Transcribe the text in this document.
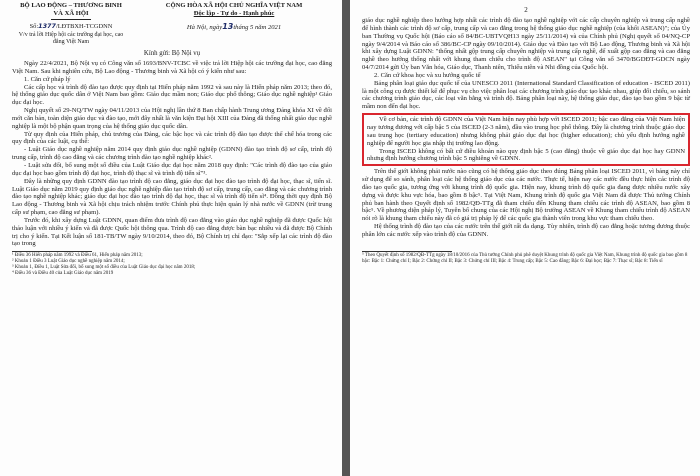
BỘ LAO ĐỘNG – THƯƠNG BINH
VÀ XÃ HỘI
Số:1377/LĐTBXH-TCGDNN
V/v trả lời Hiệp hội các trường đại học, cao
đẳng Việt Nam
CỘNG HÒA XÃ HỘI CHỦ NGHĨA VIỆT NAM
Độc lập - Tự do - Hạnh phúc
Hà Nội, ngày13tháng 5 năm 2021
Kính gửi: Bộ Nội vụ

Ngày 22/4/2021, Bộ Nội vụ có Công văn số 1693/BNV-TCBC về việc trả lời Hiệp hội các trường đại học, cao đẳng Việt Nam. Sau khi nghiên cứu, Bộ Lao động - Thương binh và Xã hội có ý kiến như sau:

1. Căn cứ pháp lý

Các cấp học và trình độ đào tạo được quy định tại Hiến pháp năm 1992 và sau này là Hiến pháp năm 2013; theo đó, hệ thống giáo dục quốc dân ở Việt Nam bao gồm: Giáo dục mầm non; Giáo dục phổ thông; Giáo dục nghề nghiệp¹ Giáo dục đại học.

Nghị quyết số 29-NQ/TW ngày 04/11/2013 của Hội nghị lần thứ 8 Ban chấp hành Trung ương Đảng khóa XI về đổi mới căn bản, toàn diện giáo dục và đào tạo, mới đây nhất là văn kiện Đại hội XIII của Đảng đã thống nhất giáo dục nghề nghiệp là một bộ phận quan trọng của hệ thống giáo dục quốc dân.

Từ quy định của Hiến pháp, chủ trương của Đảng, các bậc học và các trình độ đào tạo được thể chế hóa trong các quy định của các luật, cụ thể:

- Luật Giáo dục nghề nghiệp năm 2014 quy định giáo dục nghề nghiệp (GDNN) đào tạo trình độ sơ cấp, trình độ trung cấp, trình độ cao đẳng và các chương trình đào tạo nghề nghiệp khác².

- Luật sửa đổi, bổ sung một số điều của Luật Giáo dục đại học năm 2018 quy định: "Các trình độ đào tạo của giáo dục đại học bao gồm trình độ đại học, trình độ thạc sĩ và trình độ tiến sĩ"³.

Đây là những quy định GDNN đào tạo trình độ cao đẳng, giáo dục đại học đào tạo trình độ đại học, thạc sĩ, tiến sĩ. Luật Giáo dục năm 2019 quy định giáo dục nghề nghiệp đào tạo trình độ sơ cấp, trung cấp, cao đẳng và các chương trình đào tạo nghề nghiệp khác; giáo dục đại học đào tạo trình độ đại học, thạc sĩ và trình độ tiến sĩ⁴. Đồng thời quy định Bộ Lao động - Thương binh và Xã hội chịu trách nhiệm trước Chính phủ thực hiện quản lý nhà nước về GDNN (trừ trung cấp sư phạm, cao đẳng sư phạm).

Trước đó, khi xây dựng Luật GDNN, quan điểm đưa trình độ cao đẳng vào giáo dục nghề nghiệp đã được Quốc hội thảo luận với nhiều ý kiến và đã được Quốc hội thông qua. Trình độ cao đẳng được bàn bạc nhiều và đã được Bộ Chính trị cho ý kiến. Tại Kết luận số 181-TB/TW ngày 9/10/2014, theo đó, Bộ Chính trị chỉ đạo: "Sắp xếp lại các trình độ đào tạo trong

¹ Điều 36 Hiến pháp năm 1992 và Điều 61, Hiến pháp năm 2013;

² Khoản 1 Điều 3 Luật Giáo dục nghề nghiệp năm 2014;

³ Khoản 1, Điều 1, Luật Sửa đổi, bổ sung một số điều của Luật Giáo dục đại học năm 2018;

⁴ Điều 36 và Điều 40 của Luật Giáo dục năm 2019

2

giáo dục nghề nghiệp theo hướng hợp nhất các trình độ đào tạo nghề nghiệp với các cấp chuyên nghiệp và trung cấp nghề để hình thành các trình độ sơ cấp, trung cấp và cao đẳng trong hệ thống giáo dục nghề nghiệp (của khối ASEAN)"; của Ủy ban Thường vụ Quốc hội (Báo cáo số 84/BC-UBTVQH13 ngày 25/11/2014) và của Chính phủ (Nghị quyết số 04/NQ-CP ngày 9/4/2014 và Báo cáo số 386/BC-CP ngày 09/10/2014). Giáo dục và Đào tạo với Bộ Lao động, Thương binh và Xã hội khi xây dựng Luật GDNN: "thống nhất gộp trung cấp chuyên nghiệp và trung cấp nghề, để xuất gộp cao đẳng và cao đẳng nghề theo hướng thống nhất với khung tham chiếu cho trình độ ASEAN" tại Công văn số 3470/BGDĐT-GDCN ngày 04/7/2014 gửi Ủy ban Văn hóa, Giáo dục, Thanh niên, Thiếu niên và Nhi đồng của Quốc hội.

2. Căn cứ khoa học và xu hướng quốc tế

Bảng phân loại giáo dục quốc tế của UNESCO 2011 (International Standard Classification of education - ISCED 2011) là một công cụ được thiết kế để phục vụ cho việc phân loại các chương trình giáo dục tạo khác nhau, giúp đối chiếu, so sánh các chương trình giáo dục, các loại văn bằng và trình độ. Bảng phân loại này, hệ thống giáo dục, đào tạo bao gồm 9 bậc từ mầm non đến đại học.

Về cơ bản, các trình độ GDNN của Việt Nam hiện nay phù hợp với ISCED 2011; bậc cao đẳng của Việt Nam hiện nay tương đương với cấp bậc 5 của ISCED (2-3 năm), đầu vào trung học phổ thông. Đây là chương trình thuộc giáo dục sau trung học (tertiary education) nhưng không phải giáo dục đại học (higher education); chủ yếu định hướng nghề nghiệp để người học gia nhập thị trường lao động.

Trong ISCED không có bất cứ điều khoản nào quy định bậc 5 (cao đẳng) thuộc về giáo dục đại học hay GDNN nhưng định hướng chương trình bậc 5 nghiêng về GDNN.

Trên thế giới không phải nước nào cũng có hệ thống giáo dục theo đúng Bảng phân loại ISCED 2011, vì bảng này chỉ sử dụng để so sánh, phân loại các hệ thống giáo dục của các nước. Thực tế, hiện nay các nước đều thực hiện các trình độ đào tạo quốc gia, tương ứng với khung trình độ quốc gia. Hiện nay, khung trình độ quốc gia đang được nhiều nước xây dựng và được khu vực hóa, bao gồm 8 bậc⁵. Tại Việt Nam, Khung trình độ quốc gia Việt Nam đã được Thủ tướng Chính phủ ban hành theo Quyết định số 1982/QĐ-TTg đã tham chiếu đến Khung tham chiếu các trình độ ASEAN, bao gồm 8 bậc⁵. Về phương diện pháp lý, Tuyên bố chung của các Hội nghị Bộ trưởng ASEAN về Khung tham chiếu trình độ ASEAN nói rõ là khung tham chiếu này đã có giá trị pháp lý để các quốc gia thành viên trong khu vực tham chiếu theo.

Hệ thống trình độ đào tạo của các nước trên thế giới rất đa dạng. Tùy nhiên, trình độ cao đẳng hoặc tương đương thuộc phân lớn các nước xếp vào trình độ của GDNN.

⁵ Theo Quyết định số 1982/QĐ-TTg ngày 18/10/2016 của Thủ tướng Chính phủ phê duyệt Khung trình độ quốc gia Việt Nam, Khung trình độ quốc gia bao gồm 8 bậc: Bậc 1: Chứng chỉ I; Bậc 2: Chứng chỉ II; Bậc 3: Chứng chỉ III; Bậc 4: Trung cấp; Bậc 5: Cao đẳng; Bậc 6: Đại học; Bậc 7: Thạc sĩ; Bậc 8: Tiến sĩ
